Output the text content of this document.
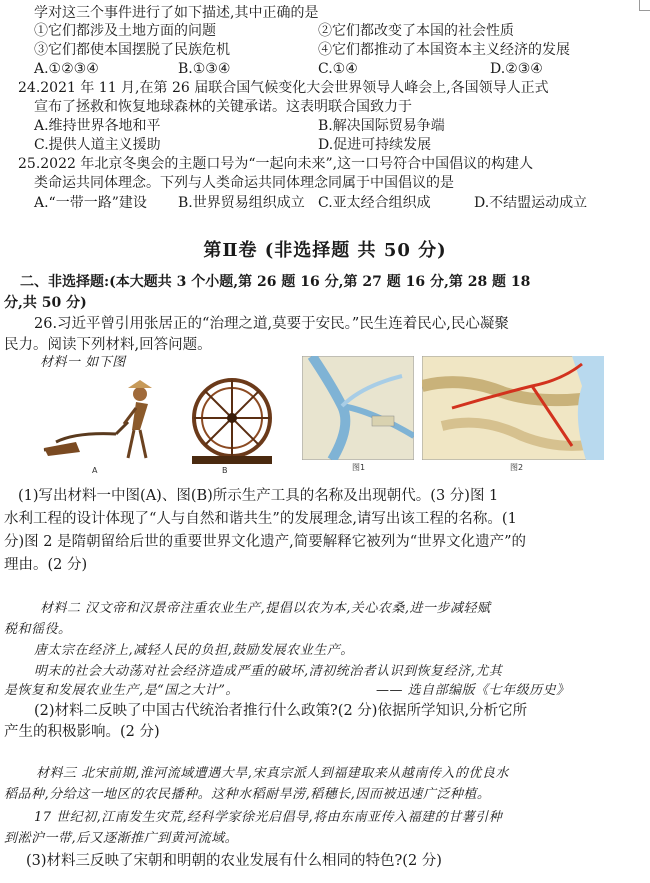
学对这三个事件进行了如下描述,其中正确的是
①它们都涉及土地方面的问题	②它们都改变了本国的社会性质
③它们都使本国摆脱了民族危机	④它们都推动了本国资本主义经济的发展
A.①②③④	B.①③④	C.①④	D.②③④
24.2021 年 11 月,在第 26 届联合国气候变化大会世界领导人峰会上,各国领导人正式
宣布了拯救和恢复地球森林的关键承诺。这表明联合国致力于
A.维持世界各地和平	B.解决国际贸易争端
C.提供人道主义援助	D.促进可持续发展
25.2022 年北京冬奥会的主题口号为“一起向未来”,这一口号符合中国倡议的构建人
类命运共同体理念。下列与人类命运共同体理念同属于中国倡议的是
A.“一带一路”建设 B.世界贸易组织成立 C.亚太经合组织成	D.不结盟运动成立
第Ⅱ卷 (非选择题 共 50 分)
二、非选择题:(本大题共 3 个小题,第 26 题 16 分,第 27 题 16 分,第 28 题 18
分,共 50 分)
26.习近平曾引用张居正的“治理之道,莫要于安民。”民生连着民心,民心凝聚
民力。阅读下列材料,回答问题。
材料一 如下图
A	B	图1	图2
(1)写出材料一中图(A)、图(B)所示生产工具的名称及出现朝代。(3 分)图 1
水利工程的设计体现了“人与自然和谐共生”的发展理念,请写出该工程的名称。(1
分)图 2 是隋朝留给后世的重要世界文化遗产,简要解释它被列为“世界文化遗产”的
理由。(2 分)
材料二 汉文帝和汉景帝注重农业生产,提倡以农为本,关心农桑,进一步减轻赋
税和徭役。
唐太宗在经济上,减轻人民的负担,鼓励发展农业生产。
明末的社会大动荡对社会经济造成严重的破坏,清初统治者认识到恢复经济,尤其
是恢复和发展农业生产,是“国之大计”。	—— 选自部编版《七年级历史》
(2)材料二反映了中国古代统治者推行什么政策?(2 分)依据所学知识,分析它所
产生的积极影响。(2 分)
材料三 北宋前期,淮河流域遭遇大旱,宋真宗派人到福建取来从越南传入的优良水
稻品种,分给这一地区的农民播种。这种水稻耐旱涝,稻穗长,因而被迅速广泛种植。
17 世纪初,江南发生灾荒,经科学家徐光启倡导,将由东南亚传入福建的甘薯引种
到淞沪一带,后又逐渐推广到黄河流域。
(3)材料三反映了宋朝和明朝的农业发展有什么相同的特色?(2 分)
